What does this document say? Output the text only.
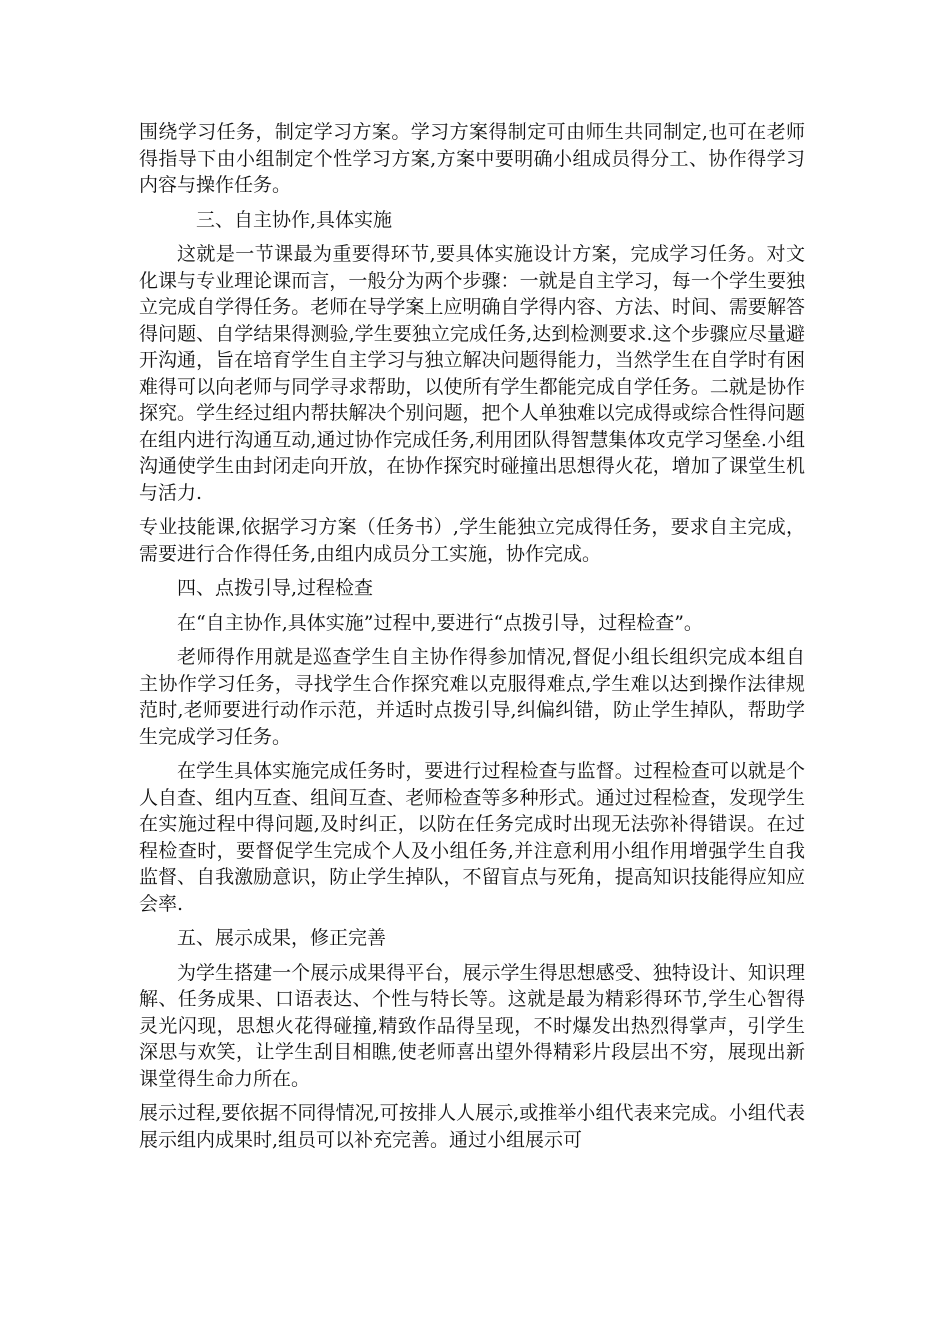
围绕学习任务，制定学习方案。学习方案得制定可由师生共同制定,也可在老师得指导下由小组制定个性学习方案,方案中要明确小组成员得分工、协作得学习内容与操作任务。

三、自主协作,具体实施

这就是一节课最为重要得环节,要具体实施设计方案，完成学习任务。对文化课与专业理论课而言，一般分为两个步骤：一就是自主学习，每一个学生要独立完成自学得任务。老师在导学案上应明确自学得内容、方法、时间、需要解答得问题、自学结果得测验,学生要独立完成任务,达到检测要求.这个步骤应尽量避开沟通，旨在培育学生自主学习与独立解决问题得能力，当然学生在自学时有困难得可以向老师与同学寻求帮助，以使所有学生都能完成自学任务。二就是协作探究。学生经过组内帮扶解决个别问题，把个人单独难以完成得或综合性得问题在组内进行沟通互动,通过协作完成任务,利用团队得智慧集体攻克学习堡垒.小组沟通使学生由封闭走向开放，在协作探究时碰撞出思想得火花，增加了课堂生机与活力.

专业技能课,依据学习方案（任务书）,学生能独立完成得任务，要求自主完成，需要进行合作得任务,由组内成员分工实施，协作完成。

四、点拨引导,过程检查

在“自主协作,具体实施”过程中,要进行“点拨引导，过程检查”。

老师得作用就是巡查学生自主协作得参加情况,督促小组长组织完成本组自主协作学习任务，寻找学生合作探究难以克服得难点,学生难以达到操作法律规范时,老师要进行动作示范，并适时点拨引导,纠偏纠错，防止学生掉队，帮助学生完成学习任务。

在学生具体实施完成任务时，要进行过程检查与监督。过程检查可以就是个人自查、组内互查、组间互查、老师检查等多种形式。通过过程检查，发现学生在实施过程中得问题,及时纠正，以防在任务完成时出现无法弥补得错误。在过程检查时，要督促学生完成个人及小组任务,并注意利用小组作用增强学生自我监督、自我激励意识，防止学生掉队，不留盲点与死角，提高知识技能得应知应会率.

五、展示成果，修正完善

为学生搭建一个展示成果得平台，展示学生得思想感受、独特设计、知识理解、任务成果、口语表达、个性与特长等。这就是最为精彩得环节,学生心智得灵光闪现，思想火花得碰撞,精致作品得呈现，不时爆发出热烈得掌声，引学生深思与欢笑，让学生刮目相瞧,使老师喜出望外得精彩片段层出不穷，展现出新课堂得生命力所在。

展示过程,要依据不同得情况,可按排人人展示,或推举小组代表来完成。小组代表展示组内成果时,组员可以补充完善。通过小组展示可
